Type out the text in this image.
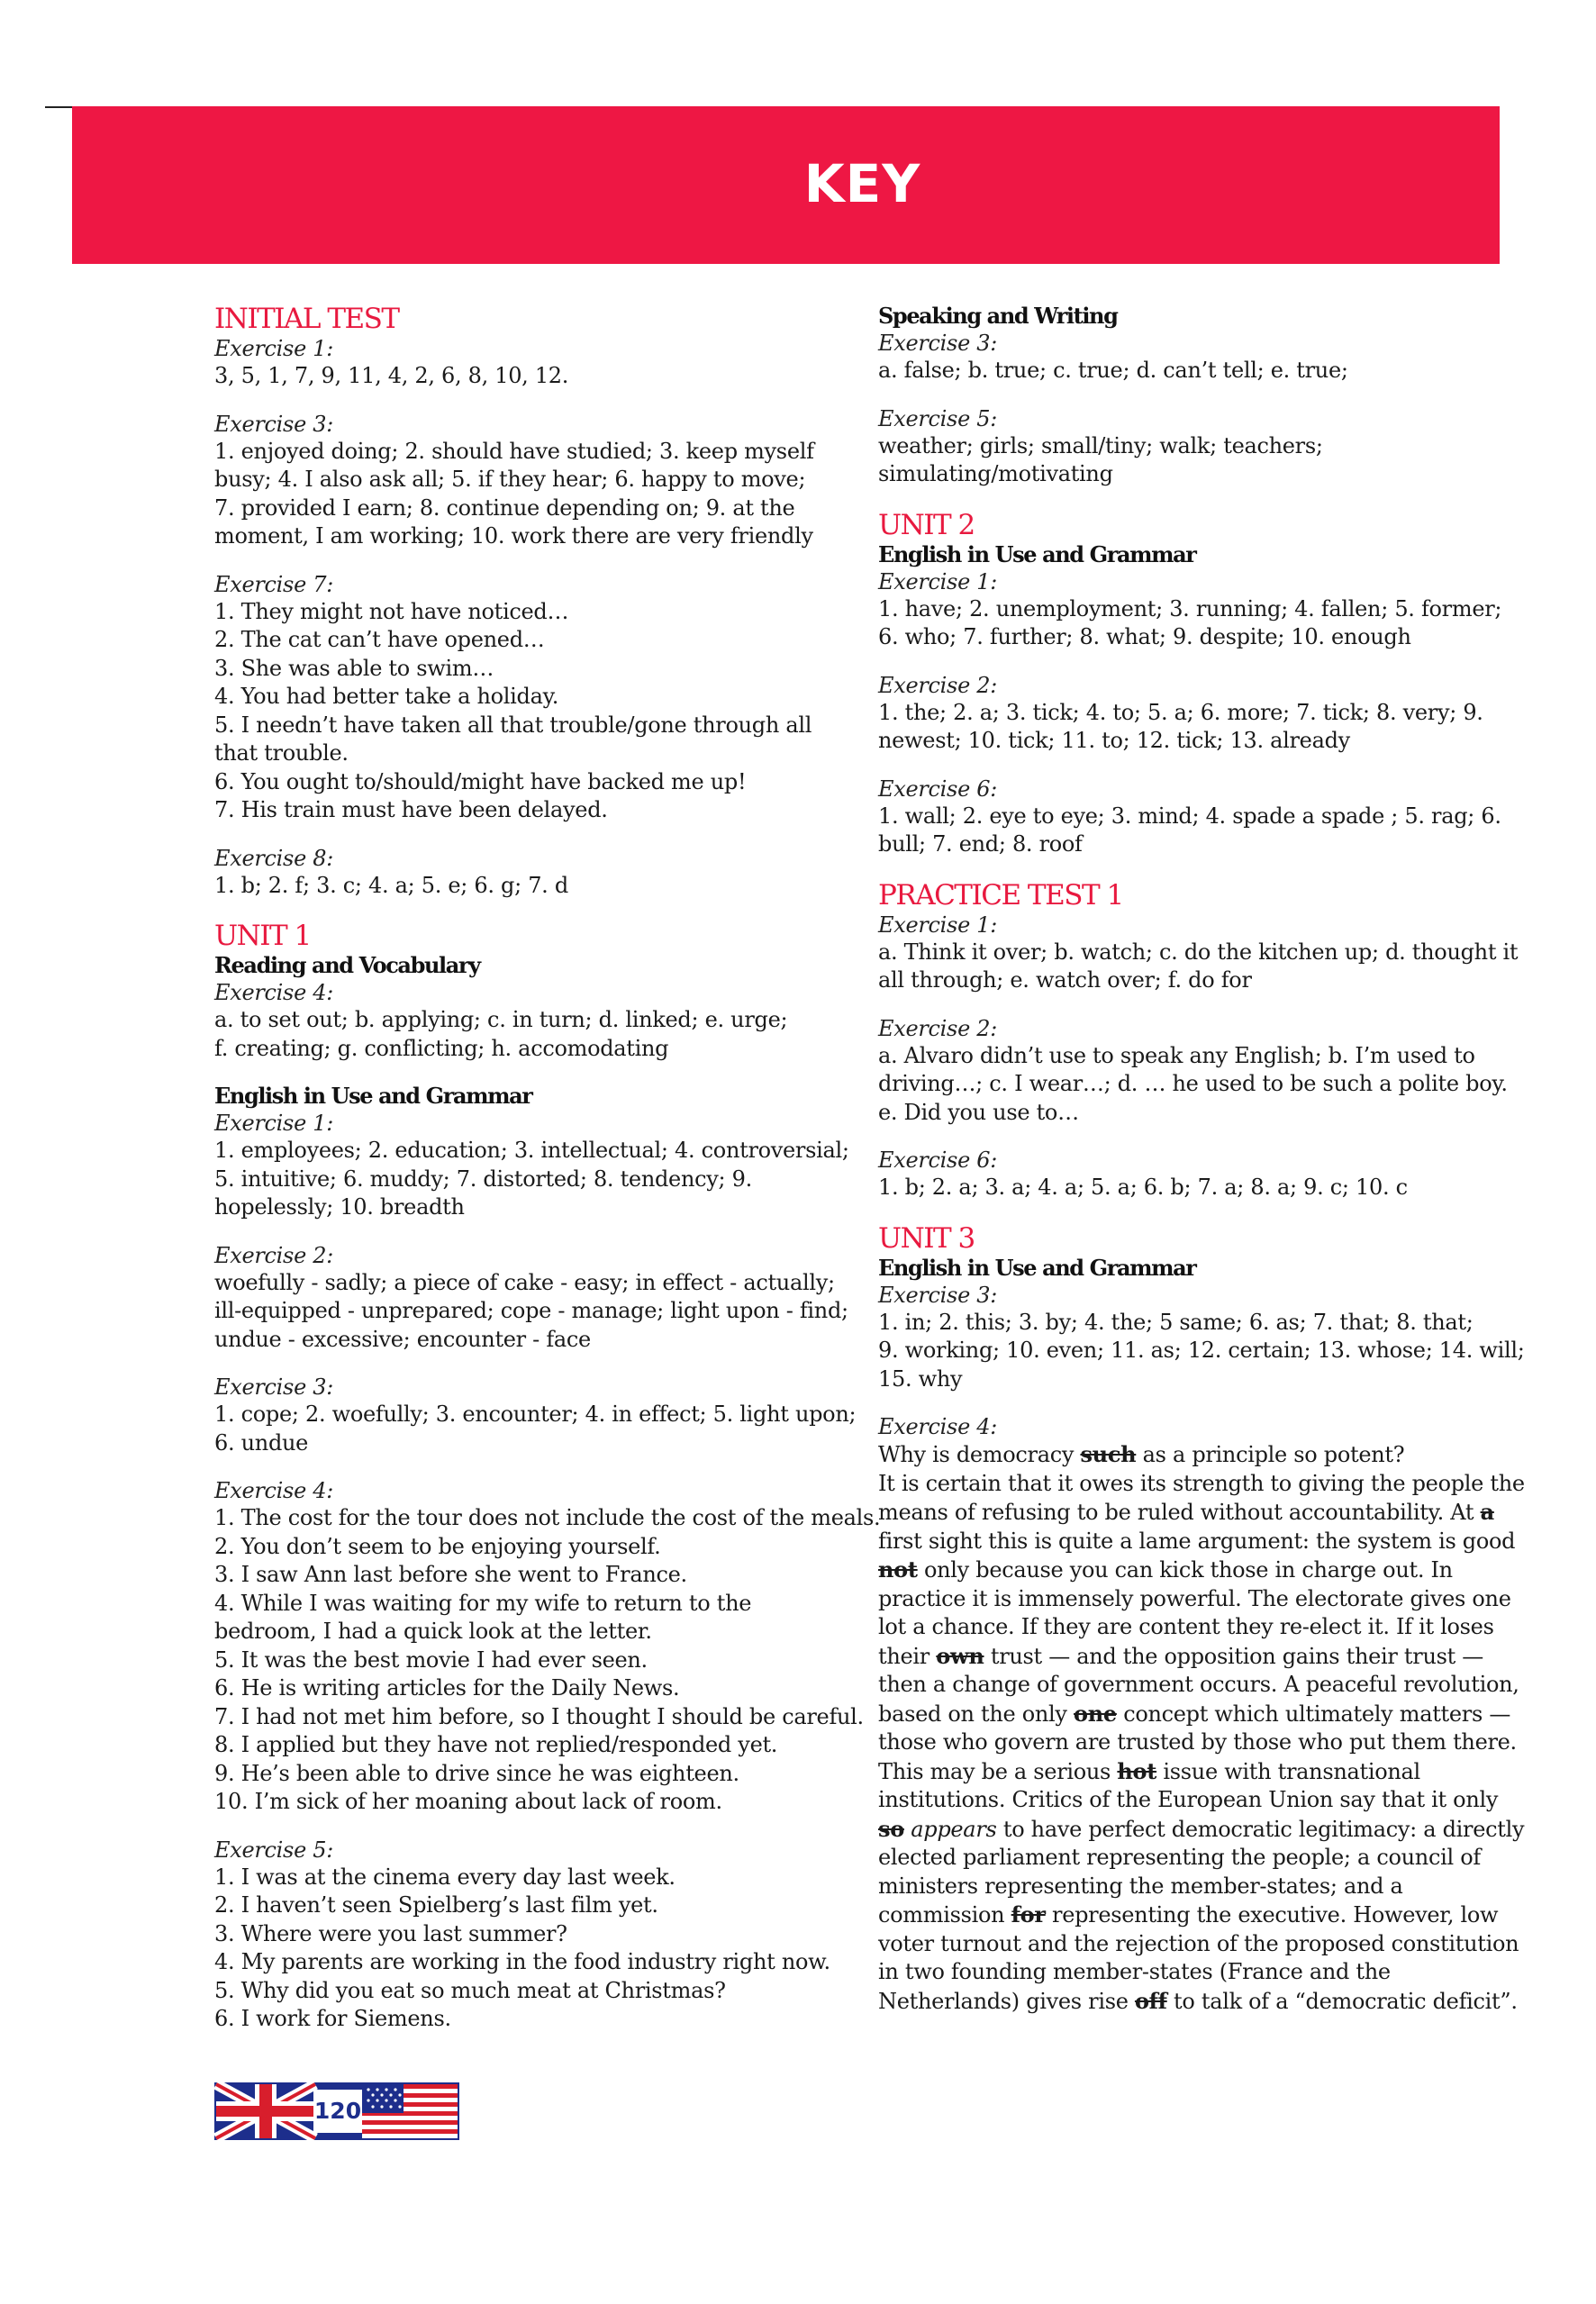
KEY
INITIAL TEST
Exercise 1:
3, 5, 1, 7, 9, 11, 4, 2, 6, 8, 10, 12.
Exercise 3:
1. enjoyed doing; 2. should have studied; 3. keep myself
busy; 4. I also ask all; 5. if they hear; 6. happy to move;
7. provided I earn; 8. continue depending on; 9. at the
moment, I am working; 10. work there are very friendly
Exercise 7:
1. They might not have noticed…
2. The cat can’t have opened…
3. She was able to swim…
4. You had better take a holiday.
5. I needn’t have taken all that trouble/gone through all
that trouble.
6. You ought to/should/might have backed me up!
7. His train must have been delayed.
Exercise 8:
1. b; 2. f; 3. c; 4. a; 5. e; 6. g; 7. d
UNIT 1
Reading and Vocabulary
Exercise 4:
a. to set out; b. applying; c. in turn; d. linked; e. urge;
f. creating; g. conflicting; h. accomodating
English in Use and Grammar
Exercise 1:
1. employees; 2. education; 3. intellectual; 4. controversial;
5. intuitive; 6. muddy; 7. distorted; 8. tendency; 9.
hopelessly; 10. breadth
Exercise 2:
woefully - sadly; a piece of cake - easy; in effect - actually;
ill-equipped - unprepared; cope - manage; light upon - find;
undue - excessive; encounter - face
Exercise 3:
1. cope; 2. woefully; 3. encounter; 4. in effect; 5. light upon;
6. undue
Exercise 4:
1. The cost for the tour does not include the cost of the meals.
2. You don’t seem to be enjoying yourself.
3. I saw Ann last before she went to France.
4. While I was waiting for my wife to return to the
bedroom, I had a quick look at the letter.
5. It was the best movie I had ever seen.
6. He is writing articles for the Daily News.
7. I had not met him before, so I thought I should be careful.
8. I applied but they have not replied/responded yet.
9. He’s been able to drive since he was eighteen.
10. I’m sick of her moaning about lack of room.
Exercise 5:
1. I was at the cinema every day last week.
2. I haven’t seen Spielberg’s last film yet.
3. Where were you last summer?
4. My parents are working in the food industry right now.
5. Why did you eat so much meat at Christmas?
6. I work for Siemens.
Speaking and Writing
Exercise 3:
a. false; b. true; c. true; d. can’t tell; e. true;
Exercise 5:
weather; girls; small/tiny; walk; teachers;
simulating/motivating
UNIT 2
English in Use and Grammar
Exercise 1:
1. have; 2. unemployment; 3. running; 4. fallen; 5. former;
6. who; 7. further; 8. what; 9. despite; 10. enough
Exercise 2:
1. the; 2. a; 3. tick; 4. to; 5. a; 6. more; 7. tick; 8. very; 9.
newest; 10. tick; 11. to; 12. tick; 13. already
Exercise 6:
1. wall; 2. eye to eye; 3. mind; 4. spade a spade ; 5. rag; 6.
bull; 7. end; 8. roof
PRACTICE TEST 1
Exercise 1:
a. Think it over; b. watch; c. do the kitchen up; d. thought it
all through; e. watch over; f. do for
Exercise 2:
a. Alvaro didn’t use to speak any English; b. I’m used to
driving…; c. I wear…; d. … he used to be such a polite boy.
e. Did you use to…
Exercise 6:
1. b; 2. a; 3. a; 4. a; 5. a; 6. b; 7. a; 8. a; 9. c; 10. c
UNIT 3
English in Use and Grammar
Exercise 3:
1. in; 2. this; 3. by; 4. the; 5 same; 6. as; 7. that; 8. that;
9. working; 10. even; 11. as; 12. certain; 13. whose; 14. will;
15. why
Exercise 4:
Why is democracy such as a principle so potent?
It is certain that it owes its strength to giving the people the
means of refusing to be ruled without accountability. At a
first sight this is quite a lame argument: the system is good
not only because you can kick those in charge out. In
practice it is immensely powerful. The electorate gives one
lot a chance. If they are content they re-elect it. If it loses
their own trust — and the opposition gains their trust —
then a change of government occurs. A peaceful revolution,
based on the only one concept which ultimately matters —
those who govern are trusted by those who put them there.
This may be a serious hot issue with transnational
institutions. Critics of the European Union say that it only
so appears to have perfect democratic legitimacy: a directly
elected parliament representing the people; a council of
ministers representing the member-states; and a
commission for representing the executive. However, low
voter turnout and the rejection of the proposed constitution
in two founding member-states (France and the
Netherlands) gives rise off to talk of a “democratic deficit”.
120
